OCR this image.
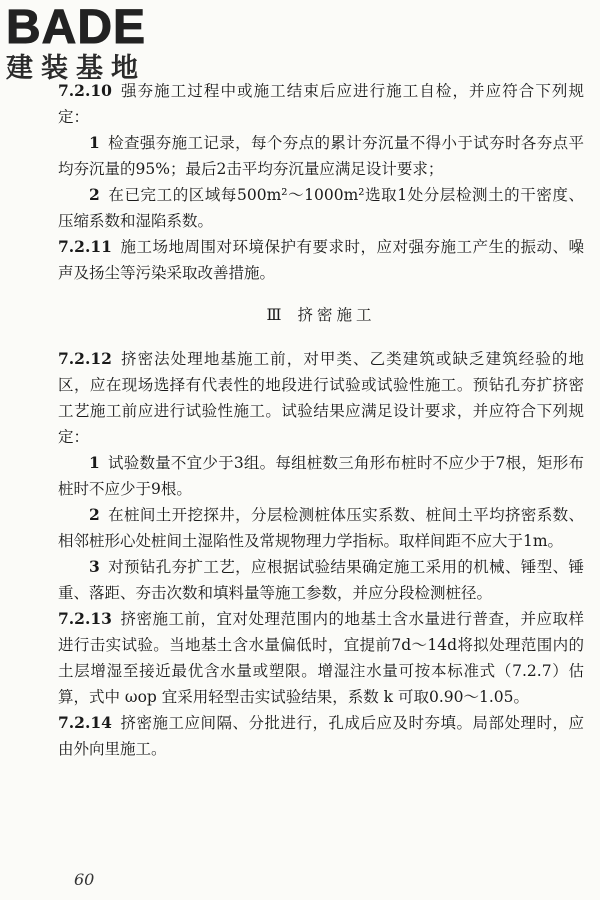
BADE
建装基地

7.2.10 强夯施工过程中或施工结束后应进行施工自检，并应符合下列规定：

1 检查强夯施工记录，每个夯点的累计夯沉量不得小于试夯时各夯点平均夯沉量的95%；最后2击平均夯沉量应满足设计要求；

2 在已完工的区域每500m²～1000m²选取1处分层检测土的干密度、压缩系数和湿陷系数。

7.2.11 施工场地周围对环境保护有要求时，应对强夯施工产生的振动、噪声及扬尘等污染采取改善措施。

Ⅲ 挤密施工

7.2.12 挤密法处理地基施工前，对甲类、乙类建筑或缺乏建筑经验的地区，应在现场选择有代表性的地段进行试验或试验性施工。预钻孔夯扩挤密工艺施工前应进行试验性施工。试验结果应满足设计要求，并应符合下列规定：

1 试验数量不宜少于3组。每组桩数三角形布桩时不应少于7根，矩形布桩时不应少于9根。

2 在桩间土开挖探井，分层检测桩体压实系数、桩间土平均挤密系数、相邻桩形心处桩间土湿陷性及常规物理力学指标。取样间距不应大于1m。

3 对预钻孔夯扩工艺，应根据试验结果确定施工采用的机械、锤型、锤重、落距、夯击次数和填料量等施工参数，并应分段检测桩径。

7.2.13 挤密施工前，宜对处理范围内的地基土含水量进行普查，并应取样进行击实试验。当地基土含水量偏低时，宜提前7d～14d将拟处理范围内的土层增湿至接近最优含水量或塑限。增湿注水量可按本标准式（7.2.7）估算，式中 ωop 宜采用轻型击实试验结果，系数 k 可取0.90～1.05。

7.2.14 挤密施工应间隔、分批进行，孔成后应及时夯填。局部处理时，应由外向里施工。

60
